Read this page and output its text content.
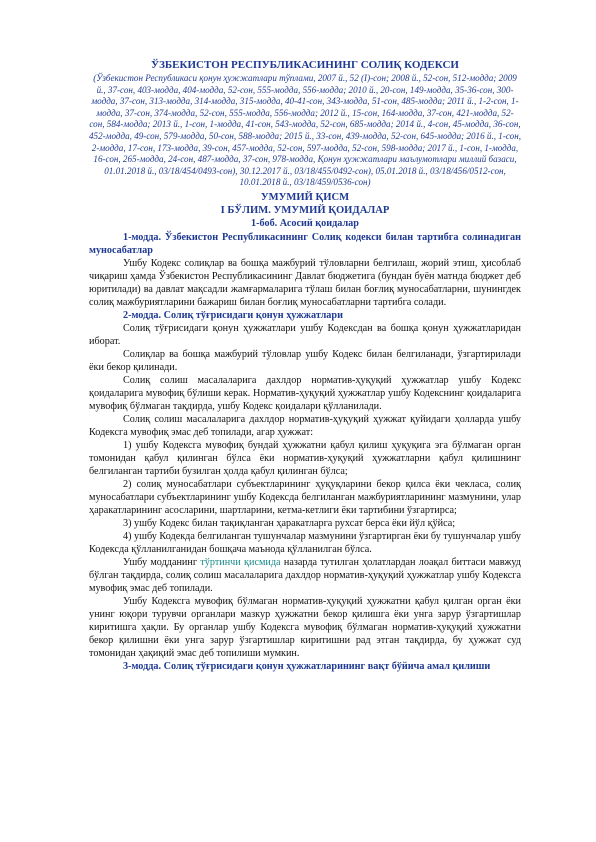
ЎЗБЕКИСТОН РЕСПУБЛИКАСИНИНГ СОЛИҚ КОДЕКСИ

(Ўзбекистон Республикаси қонун ҳужжатлари тўплами, 2007 й., 52 (I)-сон; 2008 й., 52-сон, 512-модда; 2009 й., 37-сон, 403-модда, 404-модда, 52-сон, 555-модда, 556-модда; 2010 й., 20-сон, 149-модда, 35-36-сон, 300-модда, 37-сон, 313-модда, 314-модда, 315-модда, 40-41-сон, 343-модда, 51-сон, 485-модда; 2011 й., 1-2-сон, 1-модда, 37-сон, 374-модда, 52-сон, 555-модда, 556-модда; 2012 й., 15-сон, 164-модда, 37-сон, 421-модда, 52-сон, 584-модда; 2013 й., 1-сон, 1-модда, 41-сон, 543-модда, 52-сон, 685-модда; 2014 й., 4-сон, 45-модда, 36-сон, 452-модда, 49-сон, 579-модда, 50-сон, 588-модда; 2015 й., 33-сон, 439-модда, 52-сон, 645-модда; 2016 й., 1-сон, 2-модда, 17-сон, 173-модда, 39-сон, 457-модда, 52-сон, 597-модда, 52-сон, 598-модда; 2017 й., 1-сон, 1-модда, 16-сон, 265-модда, 24-сон, 487-модда, 37-сон, 978-модда, Қонун ҳужжатлари маълумотлари миллий базаси, 01.01.2018 й., 03/18/454/0493-сон), 30.12.2017 й., 03/18/455/0492-сон), 05.01.2018 й., 03/18/456/0512-сон, 10.01.2018 й., 03/18/459/0536-сон)

УМУМИЙ ҚИСМ

I БЎЛИМ. УМУМИЙ ҚОИДАЛАР

1-боб. Асосий қоидалар

1-модда. Ўзбекистон Республикасининг Солиқ кодекси билан тартибга солинадиган муносабатлар

Ушбу Кодекс солиқлар ва бошқа мажбурий тўловларни белгилаш, жорий этиш, ҳисоблаб чиқариш ҳамда Ўзбекистон Республикасининг Давлат бюджетига (бундан буён матнда бюджет деб юритилади) ва давлат мақсадли жамғармаларига тўлаш билан боғлиқ муносабатларни, шунингдек солиқ мажбуриятларини бажариш билан боғлиқ муносабатларни тартибга солади.

2-модда. Солиқ тўғрисидаги қонун ҳужжатлари

Солиқ тўғрисидаги қонун ҳужжатлари ушбу Кодексдан ва бошқа қонун ҳужжатларидан иборат.

Солиқлар ва бошқа мажбурий тўловлар ушбу Кодекс билан белгиланади, ўзгартирилади ёки бекор қилинади.

Солиқ солиш масалаларига дахлдор норматив-ҳуқуқий ҳужжатлар ушбу Кодекс қоидаларига мувофиқ бўлиши керак. Норматив-ҳуқуқий ҳужжатлар ушбу Кодекснинг қоидаларига мувофиқ бўлмаган тақдирда, ушбу Кодекс қоидалари қўлланилади.

Солиқ солиш масалаларига дахлдор норматив-ҳуқуқий ҳужжат қуйидаги ҳолларда ушбу Кодексга мувофиқ эмас деб топилади, агар ҳужжат:

1) ушбу Кодексга мувофиқ бундай ҳужжатни қабул қилиш ҳуқуқига эга бўлмаган орган томонидан қабул қилинган бўлса ёки норматив-ҳуқуқий ҳужжатларни қабул қилишнинг белгиланган тартиби бузилган ҳолда қабул қилинган бўлса;

2) солиқ муносабатлари субъектларининг ҳуқуқларини бекор қилса ёки чекласа, солиқ муносабатлари субъектларининг ушбу Кодексда белгиланган мажбуриятларининг мазмунини, улар ҳаракатларининг асосларини, шартларини, кетма-кетлиги ёки тартибини ўзгартирса;

3) ушбу Кодекс билан тақиқланган ҳаракатларга рухсат берса ёки йўл қўйса;

4) ушбу Кодекда белгиланган тушунчалар мазмунини ўзгартирган ёки бу тушунчалар ушбу Кодексда қўлланилганидан бошқача маънода қўлланилган бўлса.

Ушбу модданинг тўртинчи қисмида назарда тутилган ҳолатлардан лоақал биттаси мавжуд бўлган тақдирда, солиқ солиш масалаларига дахлдор норматив-ҳуқуқий ҳужжатлар ушбу Кодексга мувофиқ эмас деб топилади.

Ушбу Кодексга мувофиқ бўлмаган норматив-ҳуқуқий ҳужжатни қабул қилган орган ёки унинг юқори турувчи органлари мазкур ҳужжатни бекор қилишга ёки унга зарур ўзгартишлар киритишга ҳақли. Бу органлар ушбу Кодексга мувофиқ бўлмаган норматив-ҳуқуқий ҳужжатни бекор қилишни ёки унга зарур ўзгартишлар киритишни рад этган тақдирда, бу ҳужжат суд томонидан ҳақиқий эмас деб топилиши мумкин.

3-модда. Солиқ тўғрисидаги қонун ҳужжатларининг вақт бўйича амал қилиши
